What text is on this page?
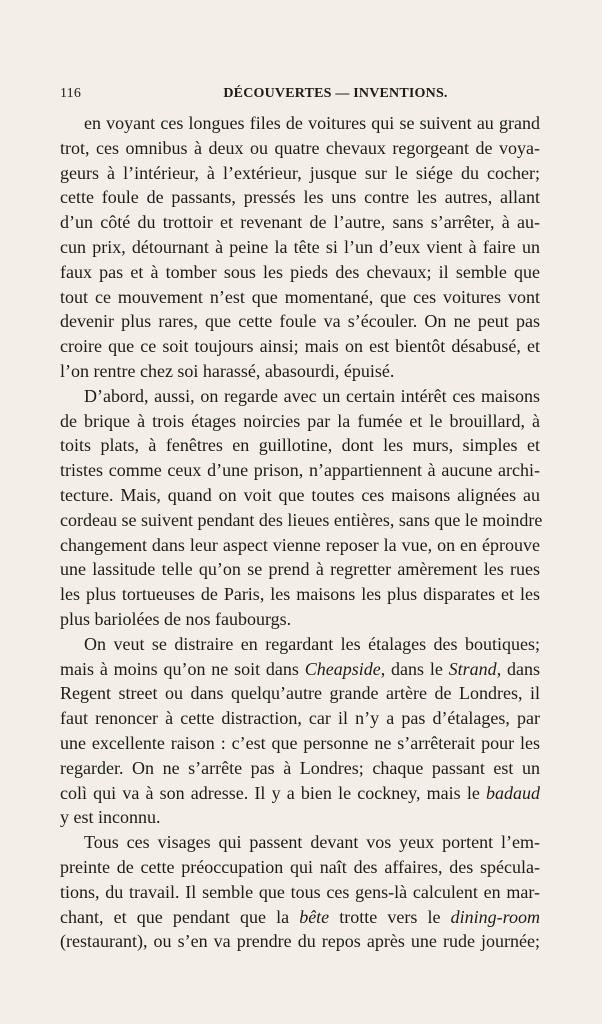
116	DÉCOUVERTES — INVENTIONS.
en voyant ces longues files de voitures qui se suivent au grand
trot, ces omnibus à deux ou quatre chevaux regorgeant de voya-
geurs à l’intérieur, à l’extérieur, jusque sur le siége du cocher;
cette foule de passants, pressés les uns contre les autres, allant
d’un côté du trottoir et revenant de l’autre, sans s’arrêter, à au-
cun prix, détournant à peine la tête si l’un d’eux vient à faire un
faux pas et à tomber sous les pieds des chevaux; il semble que
tout ce mouvement n’est que momentané, que ces voitures vont
devenir plus rares, que cette foule va s’écouler. On ne peut pas
croire que ce soit toujours ainsi; mais on est bientôt désabusé, et
l’on rentre chez soi harassé, abasourdi, épuisé.
D’abord, aussi, on regarde avec un certain intérêt ces maisons
de brique à trois étages noircies par la fumée et le brouillard, à
toits plats, à fenêtres en guillotine, dont les murs, simples et
tristes comme ceux d’une prison, n’appartiennent à aucune archi-
tecture. Mais, quand on voit que toutes ces maisons alignées au
cordeau se suivent pendant des lieues entières, sans que le moindre
changement dans leur aspect vienne reposer la vue, on en éprouve
une lassitude telle qu’on se prend à regretter amèrement les rues
les plus tortueuses de Paris, les maisons les plus disparates et les
plus bariolées de nos faubourgs.
On veut se distraire en regardant les étalages des boutiques;
mais à moins qu’on ne soit dans Cheapside, dans le Strand, dans
Regent street ou dans quelqu’autre grande artère de Londres, il
faut renoncer à cette distraction, car il n’y a pas d’étalages, par
une excellente raison : c’est que personne ne s’arrêterait pour les
regarder. On ne s’arrête pas à Londres; chaque passant est un
colì qui va à son adresse. Il y a bien le cockney, mais le badaud
y est inconnu.
Tous ces visages qui passent devant vos yeux portent l’em-
preinte de cette préoccupation qui naît des affaires, des spécula-
tions, du travail. Il semble que tous ces gens-là calculent en mar-
chant, et que pendant que la bête trotte vers le dining-room
(restaurant), ou s’en va prendre du repos après une rude journée;
